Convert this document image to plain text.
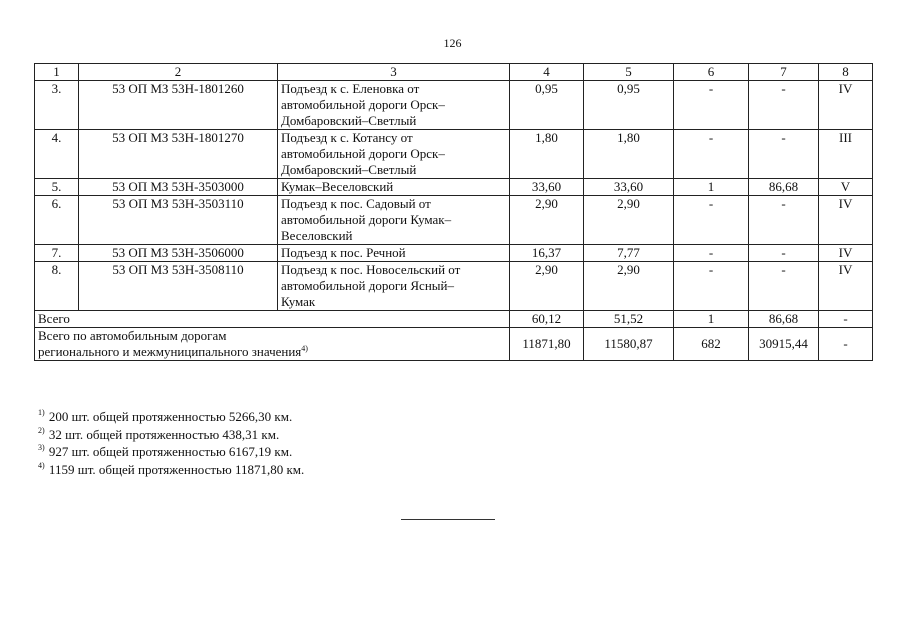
126
1	2	3	4	5	6	7	8
3.	53 ОП МЗ 53Н-1801260	Подъезд к с. Еленовка от
автомобильной дороги Орск–
Домбаровский–Светлый	0,95	0,95	-	-	IV
4.	53 ОП МЗ 53Н-1801270	Подъезд к с. Котансу от
автомобильной дороги Орск–
Домбаровский–Светлый	1,80	1,80	-	-	III
5.	53 ОП МЗ 53Н-3503000	Кумак–Веселовский	33,60	33,60	1	86,68	V
6.	53 ОП МЗ 53Н-3503110	Подъезд к пос. Садовый от
автомобильной дороги Кумак–
Веселовский	2,90	2,90	-	-	IV
7.	53 ОП МЗ 53Н-3506000	Подъезд к пос. Речной	16,37	7,77	-	-	IV
8.	53 ОП МЗ 53Н-3508110	Подъезд к пос. Новосельский от
автомобильной дороги Ясный–
Кумак	2,90	2,90	-	-	IV
Всего			60,12	51,52	1	86,68	-

Всего по автомобильным дорогам
регионального и межмуниципального значения$^{4)}$			11871,80	11580,87	682	30915,44	-
$^{1)}$ 200 шт. общей протяженностью 5266,30 км.
$^{2)}$ 32 шт. общей протяженностью 438,31 км.
$^{3)}$ 927 шт. общей протяженностью 6167,19 км.
$^{4)}$ 1159 шт. общей протяженностью 11871,80 км.
